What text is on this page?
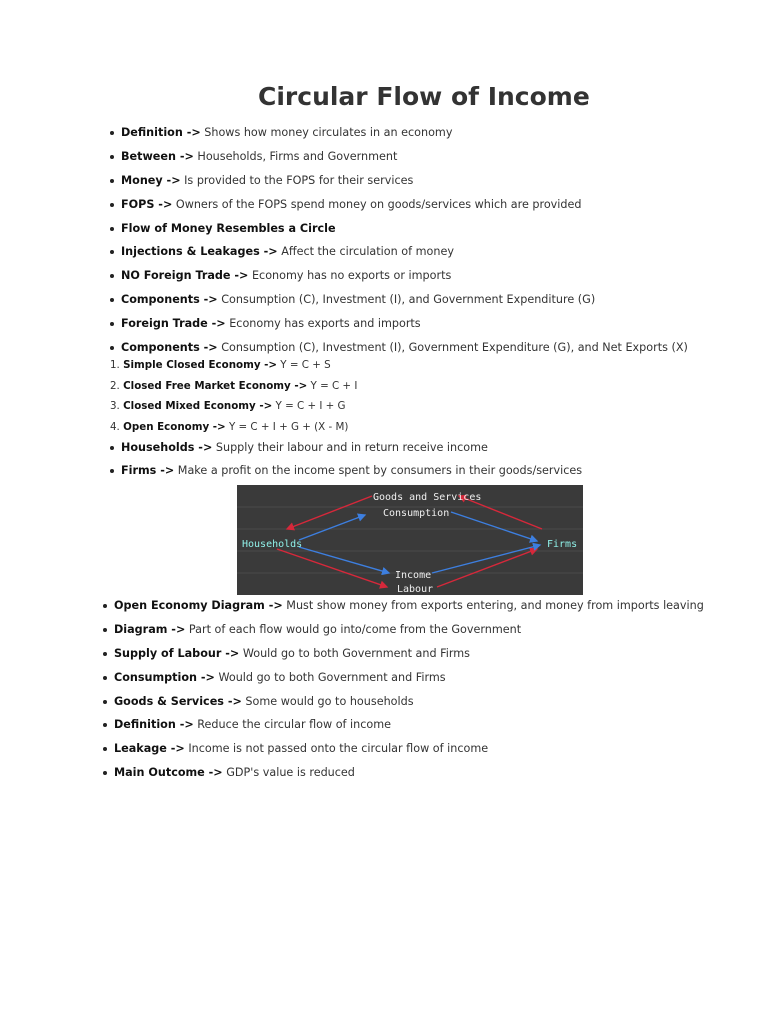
Circular Flow of Income
Definition -> Shows how money circulates in an economy
Between -> Households, Firms and Government
Money -> Is provided to the FOPS for their services
FOPS -> Owners of the FOPS spend money on goods/services which are provided
Flow of Money Resembles a Circle
Injections & Leakages -> Affect the circulation of money
NO Foreign Trade -> Economy has no exports or imports
Components -> Consumption (C), Investment (I), and Government Expenditure (G)
Foreign Trade -> Economy has exports and imports
Components -> Consumption (C), Investment (I), Government Expenditure (G), and Net Exports (X)
1. Simple Closed Economy -> Y = C + S
2. Closed Free Market Economy -> Y = C + I
3. Closed Mixed Economy -> Y = C + I + G
4. Open Economy -> Y = C + I + G + (X - M)
Households -> Supply their labour and in return receive income
Firms -> Make a profit on the income spent by consumers in their goods/services
Goods and Services
Consumption
Households	Firms
Income
Labour
Open Economy Diagram -> Must show money from exports entering, and money from imports leaving
Diagram -> Part of each flow would go into/come from the Government
Supply of Labour -> Would go to both Government and Firms
Consumption -> Would go to both Government and Firms
Goods & Services -> Some would go to households
Definition -> Reduce the circular flow of income
Leakage -> Income is not passed onto the circular flow of income
Main Outcome -> GDP's value is reduced
